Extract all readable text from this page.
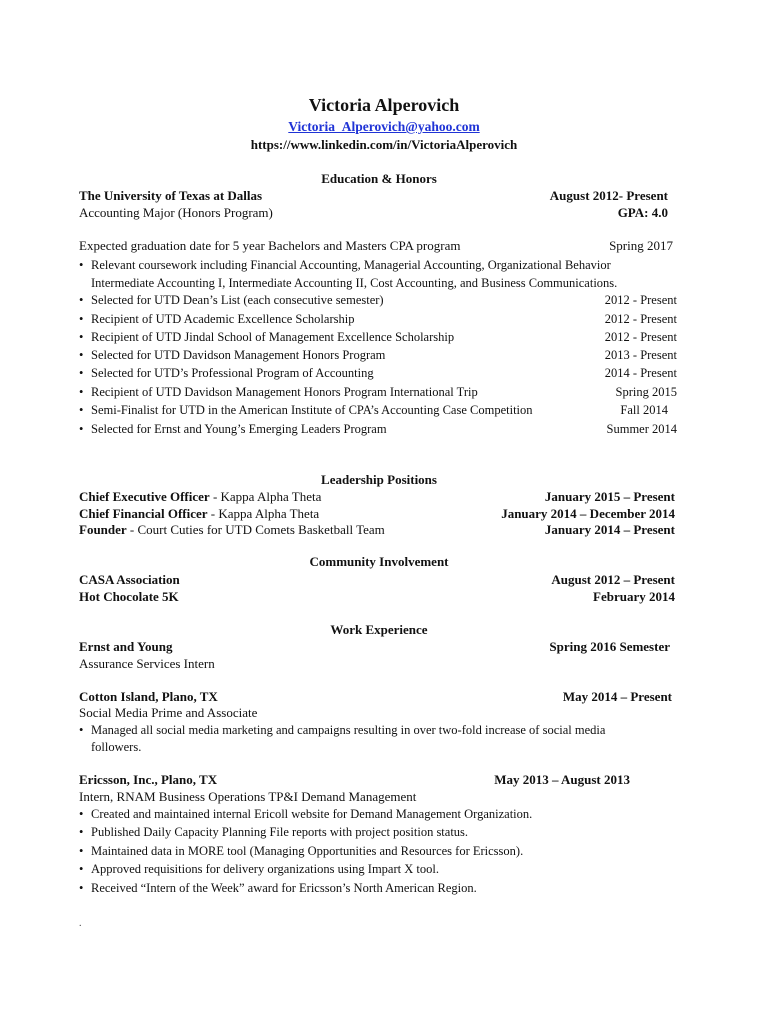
Victoria Alperovich
Victoria_Alperovich@yahoo.com
https://www.linkedin.com/in/VictoriaAlperovich
Education & Honors
The University of Texas at Dallas	August 2012- Present
Accounting Major (Honors Program)	GPA: 4.0
Expected graduation date for 5 year Bachelors and Masters CPA program	Spring 2017
• Relevant coursework including Financial Accounting, Managerial Accounting, Organizational Behavior
Intermediate Accounting I, Intermediate Accounting II, Cost Accounting, and Business Communications.
• Selected for UTD Dean’s List (each consecutive semester)	2012 - Present
• Recipient of UTD Academic Excellence Scholarship	2012 - Present
• Recipient of UTD Jindal School of Management Excellence Scholarship	2012 - Present
• Selected for UTD Davidson Management Honors Program	2013 - Present
• Selected for UTD’s Professional Program of Accounting	2014 - Present
• Recipient of UTD Davidson Management Honors Program International Trip	Spring 2015
• Semi-Finalist for UTD in the American Institute of CPA’s Accounting Case Competition	Fall 2014
• Selected for Ernst and Young’s Emerging Leaders Program	Summer 2014
Leadership Positions
Chief Executive Officer - Kappa Alpha Theta	January 2015 – Present
Chief Financial Officer - Kappa Alpha Theta	January 2014 – December 2014
Founder - Court Cuties for UTD Comets Basketball Team	January 2014 – Present
Community Involvement
CASA Association	August 2012 – Present
Hot Chocolate 5K	February 2014
Work Experience
Ernst and Young	Spring 2016 Semester
Assurance Services Intern
Cotton Island, Plano, TX	May 2014 – Present
Social Media Prime and Associate
• Managed all social media marketing and campaigns resulting in over two-fold increase of social media
followers.
Ericsson, Inc., Plano, TX	May 2013 – August 2013
Intern, RNAM Business Operations TP&I Demand Management
• Created and maintained internal Ericoll website for Demand Management Organization.
• Published Daily Capacity Planning File reports with project position status.
• Maintained data in MORE tool (Managing Opportunities and Resources for Ericsson).
• Approved requisitions for delivery organizations using Impart X tool.
• Received “Intern of the Week” award for Ericsson’s North American Region.
.
